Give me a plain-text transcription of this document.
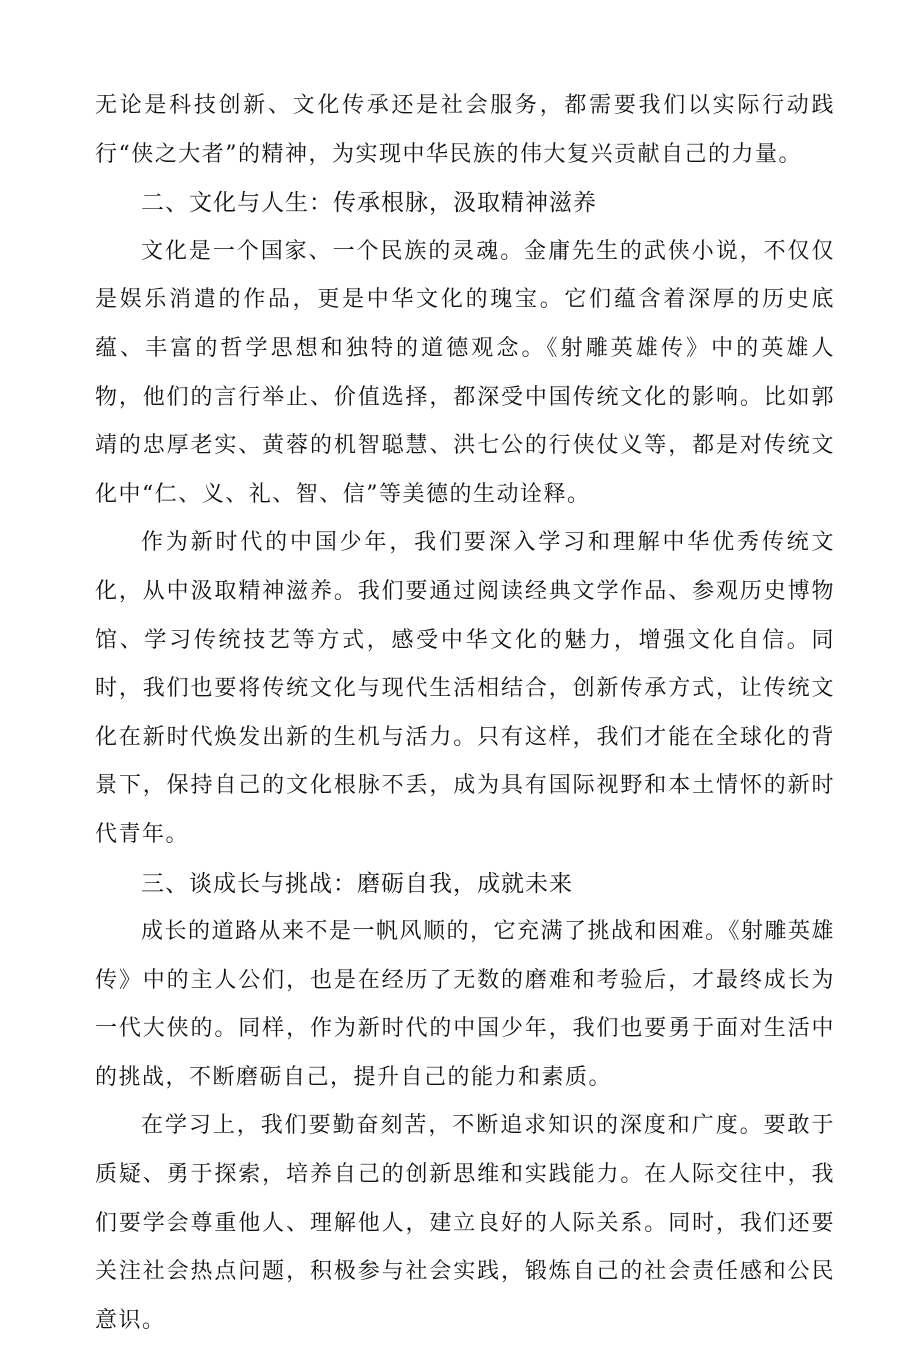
无论是科技创新、文化传承还是社会服务，都需要我们以实际行动践行“侠之大者”的精神，为实现中华民族的伟大复兴贡献自己的力量。

二、文化与人生：传承根脉，汲取精神滋养

文化是一个国家、一个民族的灵魂。金庸先生的武侠小说，不仅仅是娱乐消遣的作品，更是中华文化的瑰宝。它们蕴含着深厚的历史底蕴、丰富的哲学思想和独特的道德观念。《射雕英雄传》中的英雄人物，他们的言行举止、价值选择，都深受中国传统文化的影响。比如郭靖的忠厚老实、黄蓉的机智聪慧、洪七公的行侠仗义等，都是对传统文化中“仁、义、礼、智、信”等美德的生动诠释。

作为新时代的中国少年，我们要深入学习和理解中华优秀传统文化，从中汲取精神滋养。我们要通过阅读经典文学作品、参观历史博物馆、学习传统技艺等方式，感受中华文化的魅力，增强文化自信。同时，我们也要将传统文化与现代生活相结合，创新传承方式，让传统文化在新时代焕发出新的生机与活力。只有这样，我们才能在全球化的背景下，保持自己的文化根脉不丢，成为具有国际视野和本土情怀的新时代青年。

三、谈成长与挑战：磨砺自我，成就未来

成长的道路从来不是一帆风顺的，它充满了挑战和困难。《射雕英雄传》中的主人公们，也是在经历了无数的磨难和考验后，才最终成长为一代大侠的。同样，作为新时代的中国少年，我们也要勇于面对生活中的挑战，不断磨砺自己，提升自己的能力和素质。

在学习上，我们要勤奋刻苦，不断追求知识的深度和广度。要敢于质疑、勇于探索，培养自己的创新思维和实践能力。在人际交往中，我们要学会尊重他人、理解他人，建立良好的人际关系。同时，我们还要关注社会热点问题，积极参与社会实践，锻炼自己的社会责任感和公民意识。
